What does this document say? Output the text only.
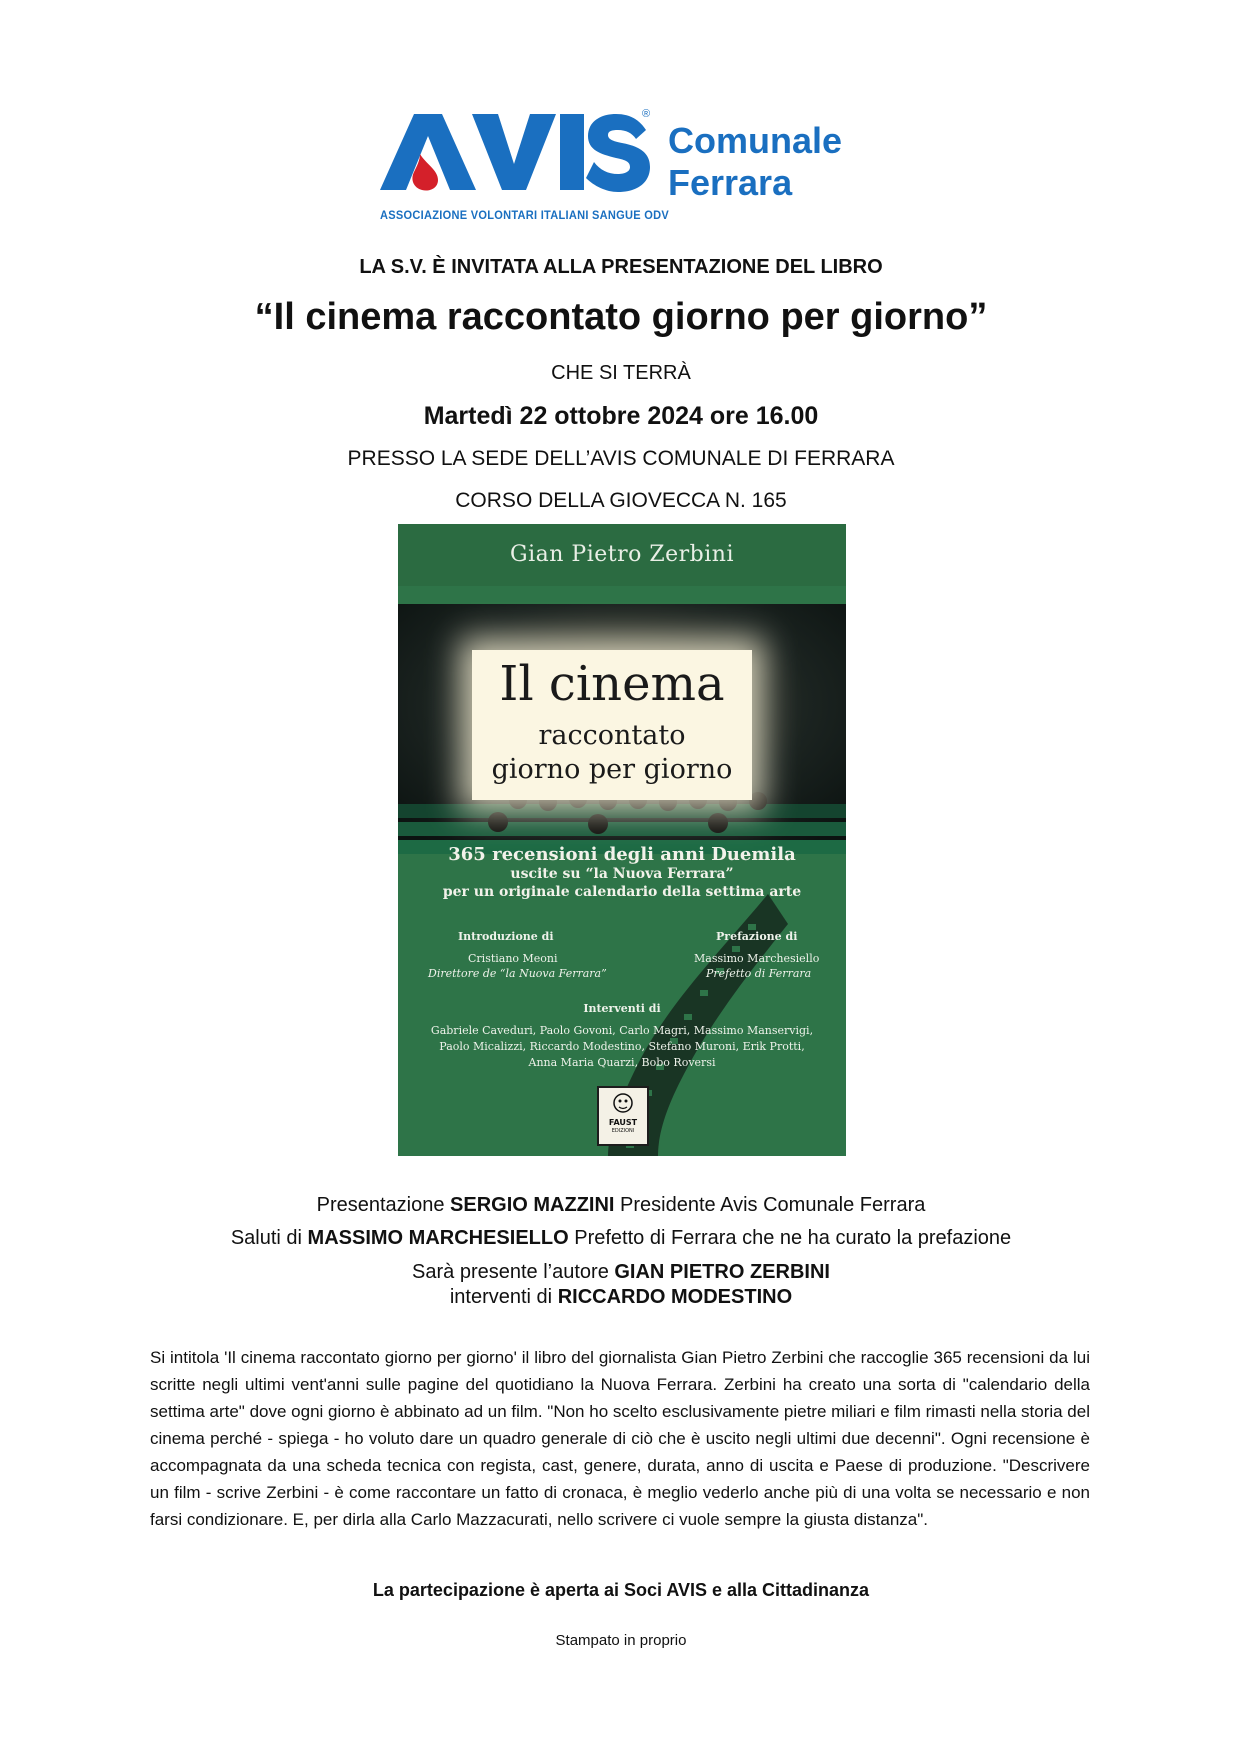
®
Comunale
Ferrara
ASSOCIAZIONE VOLONTARI ITALIANI SANGUE ODV
LA S.V. È INVITATA ALLA PRESENTAZIONE DEL LIBRO
“Il cinema raccontato giorno per giorno”
CHE SI TERRÀ
Martedì 22 ottobre 2024 ore 16.00
PRESSO LA SEDE DELL’AVIS COMUNALE DI FERRARA
CORSO DELLA GIOVECCA N. 165
Gian Pietro Zerbini
Il cinema
raccontato
giorno per giorno
365 recensioni degli anni Duemila
uscite su “la Nuova Ferrara”
per un originale calendario della settima arte
Introduzione di
Cristiano Meoni
Direttore de “la Nuova Ferrara”
Prefazione di
Massimo Marchesiello
Prefetto di Ferrara
Interventi di
Gabriele Caveduri, Paolo Govoni, Carlo Magri, Massimo Manservigi,
Paolo Micalizzi, Riccardo Modestino, Stefano Muroni, Erik Protti,
Anna Maria Quarzi, Bobo Roversi
FAUST
EDIZIONI
Presentazione SERGIO MAZZINI Presidente Avis Comunale Ferrara
Saluti di MASSIMO MARCHESIELLO Prefetto di Ferrara che ne ha curato la prefazione
Sarà presente l’autore GIAN PIETRO ZERBINI
interventi di RICCARDO MODESTINO
Si intitola 'Il cinema raccontato giorno per giorno' il libro del giornalista Gian Pietro Zerbini che raccoglie 365 recensioni da lui scritte negli ultimi vent'anni sulle pagine del quotidiano la Nuova Ferrara. Zerbini ha creato una sorta di "calendario della settima arte" dove ogni giorno è abbinato ad un film. "Non ho scelto esclusivamente pietre miliari e film rimasti nella storia del cinema perché - spiega - ho voluto dare un quadro generale di ciò che è uscito negli ultimi due decenni". Ogni recensione è accompagnata da una scheda tecnica con regista, cast, genere, durata, anno di uscita e Paese di produzione. "Descrivere un film - scrive Zerbini - è come raccontare un fatto di cronaca, è meglio vederlo anche più di una volta se necessario e non farsi condizionare. E, per dirla alla Carlo Mazzacurati, nello scrivere ci vuole sempre la giusta distanza".
La partecipazione è aperta ai Soci AVIS e alla Cittadinanza
Stampato in proprio
